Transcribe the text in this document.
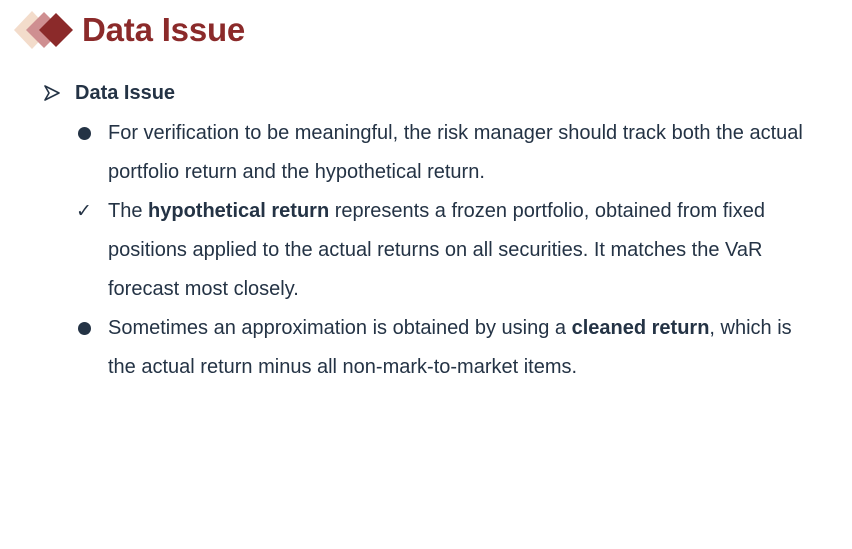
Data Issue
Data Issue
For verification to be meaningful, the risk manager should track both the actual portfolio return and the hypothetical return.
✓ The hypothetical return represents a frozen portfolio, obtained from fixed positions applied to the actual returns on all securities. It matches the VaR forecast most closely.
Sometimes an approximation is obtained by using a cleaned return, which is the actual return minus all non-mark-to-market items.
